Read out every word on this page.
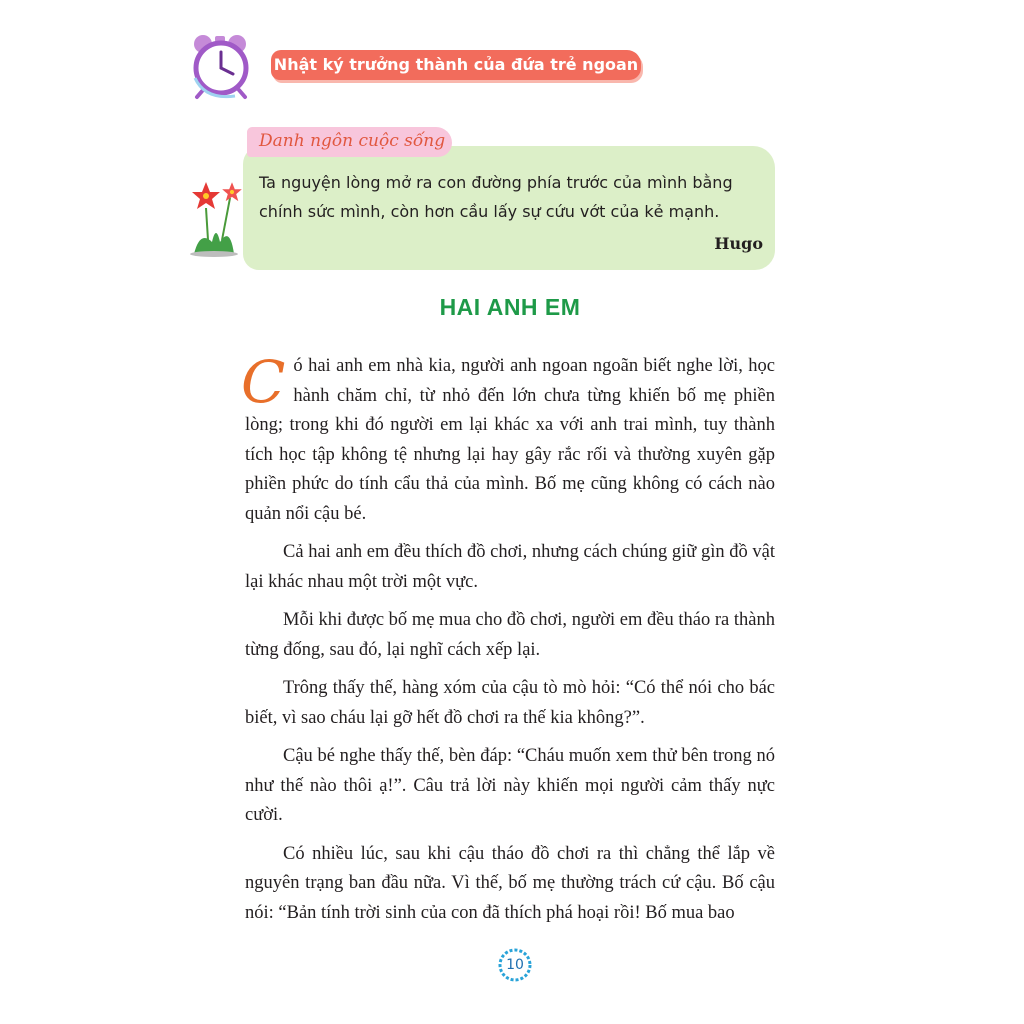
Nhật ký trưởng thành của đứa trẻ ngoan
Danh ngôn cuộc sống
Ta nguyện lòng mở ra con đường phía trước của mình bằng chính sức mình, còn hơn cầu lấy sự cứu vớt của kẻ mạnh.
Hugo
HAI ANH EM

Có hai anh em nhà kia, người anh ngoan ngoãn biết nghe lời, học hành chăm chỉ, từ nhỏ đến lớn chưa từng khiến bố mẹ phiền lòng; trong khi đó người em lại khác xa với anh trai mình, tuy thành tích học tập không tệ nhưng lại hay gây rắc rối và thường xuyên gặp phiền phức do tính cẩu thả của mình. Bố mẹ cũng không có cách nào quản nổi cậu bé.

Cả hai anh em đều thích đồ chơi, nhưng cách chúng giữ gìn đồ vật lại khác nhau một trời một vực.

Mỗi khi được bố mẹ mua cho đồ chơi, người em đều tháo ra thành từng đống, sau đó, lại nghĩ cách xếp lại.

Trông thấy thế, hàng xóm của cậu tò mò hỏi: “Có thể nói cho bác biết, vì sao cháu lại gỡ hết đồ chơi ra thế kia không?”.

Cậu bé nghe thấy thế, bèn đáp: “Cháu muốn xem thử bên trong nó như thế nào thôi ạ!”. Câu trả lời này khiến mọi người cảm thấy nực cười.

Có nhiều lúc, sau khi cậu tháo đồ chơi ra thì chẳng thể lắp về nguyên trạng ban đầu nữa. Vì thế, bố mẹ thường trách cứ cậu. Bố cậu nói: “Bản tính trời sinh của con đã thích phá hoại rồi! Bố mua bao

10
